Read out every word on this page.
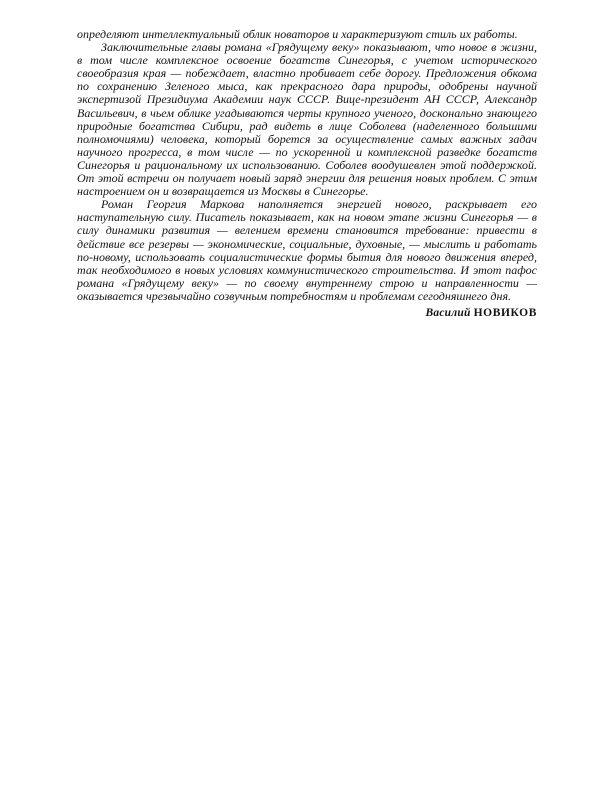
определяют интеллектуальный облик новаторов и характеризуют стиль их работы.

Заключительные главы романа «Грядущему веку» показывают, что новое в жизни, в том числе комплексное освоение богатств Синегорья, с учетом исторического своеобразия края — побеждает, властно пробивает себе дорогу. Предложения обкома по сохранению Зеленого мыса, как прекрасного дара природы, одобрены научной экспертизой Президиума Академии наук СССР. Вице-президент АН СССР, Александр Васильевич, в чьем облике угадываются черты крупного ученого, досконально знающего природные богатства Сибири, рад видеть в лице Соболева (наделенного большими полномочиями) человека, который борется за осуществление самых важных задач научного прогресса, в том числе — по ускоренной и комплексной разведке богатств Синегорья и рациональному их использованию. Соболев воодушевлен этой поддержкой. От этой встречи он получает новый заряд энергии для решения новых проблем. С этим настроением он и возвращается из Москвы в Синегорье.

Роман Георгия Маркова наполняется энергией нового, раскрывает его наступательную силу. Писатель показывает, как на новом этапе жизни Синегорья — в силу динамики развития — велением времени становится требование: привести в действие все резервы — экономические, социальные, духовные, — мыслить и работать по-новому, использовать социалистические формы бытия для нового движения вперед, так необходимого в новых условиях коммунистического строительства. И этот пафос романа «Грядущему веку» — по своему внутреннему строю и направленности — оказывается чрезвычайно созвучным потребностям и проблемам сегодняшнего дня.

Василий НОВИКОВ
